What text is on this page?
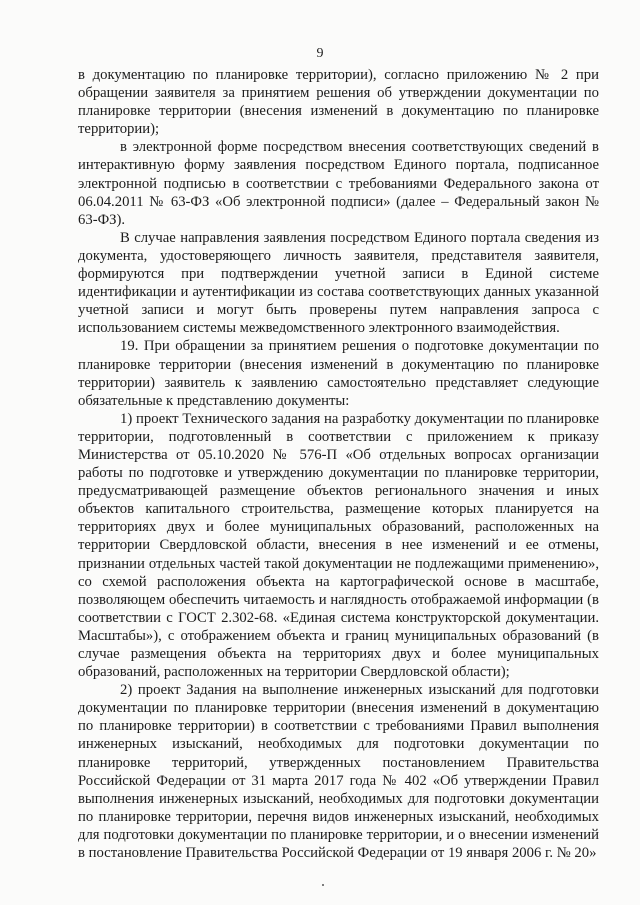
9

в документацию по планировке территории), согласно приложению № 2 при обращении заявителя за принятием решения об утверждении документации по планировке территории (внесения изменений в документацию по планировке территории);

в электронной форме посредством внесения соответствующих сведений в интерактивную форму заявления посредством Единого портала, подписанное электронной подписью в соответствии с требованиями Федерального закона от 06.04.2011 № 63-ФЗ «Об электронной подписи» (далее – Федеральный закон № 63-ФЗ).

В случае направления заявления посредством Единого портала сведения из документа, удостоверяющего личность заявителя, представителя заявителя, формируются при подтверждении учетной записи в Единой системе идентификации и аутентификации из состава соответствующих данных указанной учетной записи и могут быть проверены путем направления запроса с использованием системы межведомственного электронного взаимодействия.

19. При обращении за принятием решения о подготовке документации по планировке территории (внесения изменений в документацию по планировке территории) заявитель к заявлению самостоятельно представляет следующие обязательные к представлению документы:

1) проект Технического задания на разработку документации по планировке территории, подготовленный в соответствии с приложением к приказу Министерства от 05.10.2020 № 576-П «Об отдельных вопросах организации работы по подготовке и утверждению документации по планировке территории, предусматривающей размещение объектов регионального значения и иных объектов капитального строительства, размещение которых планируется на территориях двух и более муниципальных образований, расположенных на территории Свердловской области, внесения в нее изменений и ее отмены, признании отдельных частей такой документации не подлежащими применению», со схемой расположения объекта на картографической основе в масштабе, позволяющем обеспечить читаемость и наглядность отображаемой информации (в соответствии с ГОСТ 2.302-68. «Единая система конструкторской документации. Масштабы»), с отображением объекта и границ муниципальных образований (в случае размещения объекта на территориях двух и более муниципальных образований, расположенных на территории Свердловской области);

2) проект Задания на выполнение инженерных изысканий для подготовки документации по планировке территории (внесения изменений в документацию по планировке территории) в соответствии с требованиями Правил выполнения инженерных изысканий, необходимых для подготовки документации по планировке территорий, утвержденных постановлением Правительства Российской Федерации от 31 марта 2017 года № 402 «Об утверждении Правил выполнения инженерных изысканий, необходимых для подготовки документации по планировке территории, перечня видов инженерных изысканий, необходимых для подготовки документации по планировке территории, и о внесении изменений в постановление Правительства Российской Федерации от 19 января 2006 г. № 20»
